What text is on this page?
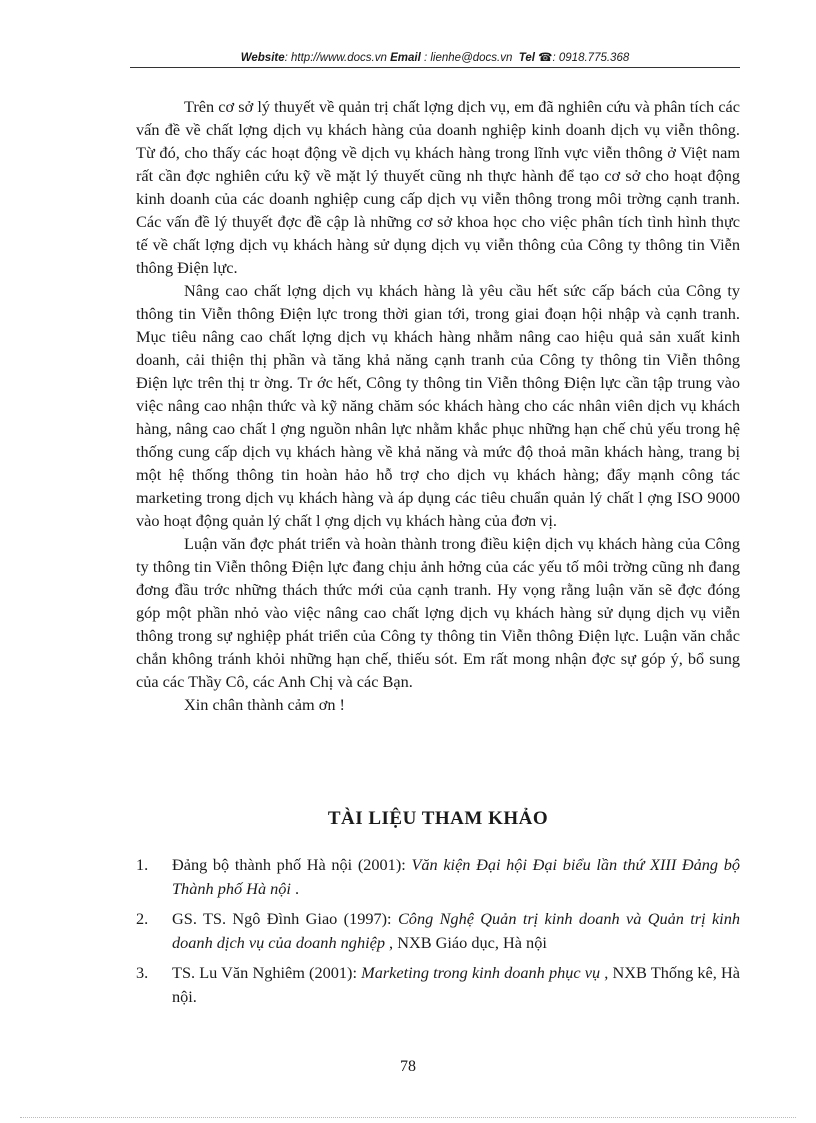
Website: http://www.docs.vn Email : lienhe@docs.vn Tel ☎: 0918.775.368

Trên cơ sở lý thuyết về quản trị chất lợng dịch vụ, em đã nghiên cứu và phân tích các vấn đề về chất lợng dịch vụ khách hàng của doanh nghiệp kinh doanh dịch vụ viễn thông. Từ đó, cho thấy các hoạt động về dịch vụ khách hàng trong lĩnh vực viễn thông ở Việt nam rất cần đợc nghiên cứu kỹ về mặt lý thuyết cũng nh thực hành để tạo cơ sở cho hoạt động kinh doanh của các doanh nghiệp cung cấp dịch vụ viễn thông trong môi trờng cạnh tranh. Các vấn đề lý thuyết đợc đề cập là những cơ sở khoa học cho việc phân tích tình hình thực tế về chất lợng dịch vụ khách hàng sử dụng dịch vụ viễn thông của Công ty thông tin Viễn thông Điện lực.

Nâng cao chất lợng dịch vụ khách hàng là yêu cầu hết sức cấp bách của Công ty thông tin Viễn thông Điện lực trong thời gian tới, trong giai đoạn hội nhập và cạnh tranh. Mục tiêu nâng cao chất lợng dịch vụ khách hàng nhằm nâng cao hiệu quả sản xuất kinh doanh, cải thiện thị phần và tăng khả năng cạnh tranh của Công ty thông tin Viễn thông Điện lực trên thị tr ờng. Tr ớc hết, Công ty thông tin Viễn thông Điện lực cần tập trung vào việc nâng cao nhận thức và kỹ năng chăm sóc khách hàng cho các nhân viên dịch vụ khách hàng, nâng cao chất l ợng nguồn nhân lực nhằm khắc phục những hạn chế chủ yếu trong hệ thống cung cấp dịch vụ khách hàng về khả năng và mức độ thoả mãn khách hàng, trang bị một hệ thống thông tin hoàn hảo hỗ trợ cho dịch vụ khách hàng; đẩy mạnh công tác marketing trong dịch vụ khách hàng và áp dụng các tiêu chuẩn quản lý chất l ợng ISO 9000 vào hoạt động quản lý chất l ợng dịch vụ khách hàng của đơn vị.

Luận văn đợc phát triển và hoàn thành trong điều kiện dịch vụ khách hàng của Công ty thông tin Viễn thông Điện lực đang chịu ảnh hởng của các yếu tố môi trờng cũng nh đang đơng đầu trớc những thách thức mới của cạnh tranh. Hy vọng rằng luận văn sẽ đợc đóng góp một phần nhỏ vào việc nâng cao chất lợng dịch vụ khách hàng sử dụng dịch vụ viễn thông trong sự nghiệp phát triển của Công ty thông tin Viễn thông Điện lực. Luận văn chắc chắn không tránh khỏi những hạn chế, thiếu sót. Em rất mong nhận đợc sự góp ý, bổ sung của các Thầy Cô, các Anh Chị và các Bạn.

Xin chân thành cảm ơn !

TÀI LIỆU THAM KHẢO
1. Đảng bộ thành phố Hà nội (2001): Văn kiện Đại hội Đại biểu lần thứ XIII Đảng bộ Thành phố Hà nội .
2. GS. TS. Ngô Đình Giao (1997): Công Nghệ Quản trị kinh doanh và Quản trị kinh doanh dịch vụ của doanh nghiệp , NXB Giáo dục, Hà nội
3. TS. Lu Văn Nghiêm (2001): Marketing trong kinh doanh phục vụ , NXB Thống kê, Hà nội.
78
